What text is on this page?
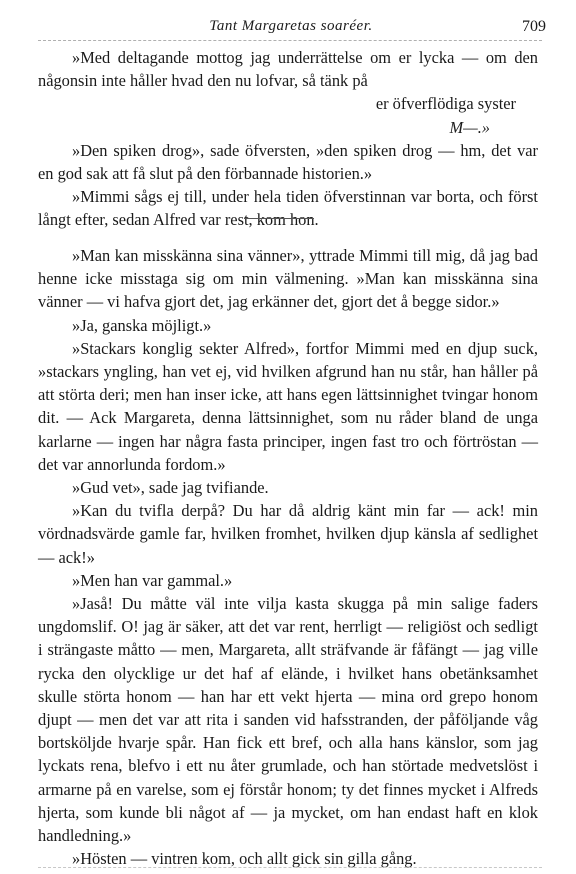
Tant Margaretas soaréer.	709

»Med deltagande mottog jag underrättelse om er lycka — om den någonsin inte håller hvad den nu lofvar, så tänk på
er öfverflödiga syster
M—.»

»Den spiken drog», sade öfversten, »den spiken drog — hm, det var en god sak att få slut på den förbannade historien.»

»Mimmi sågs ej till, under hela tiden öfverstinnan var borta, och först långt efter, sedan Alfred var rest, kom hon.

»Man kan misskänna sina vänner», yttrade Mimmi till mig, då jag bad henne icke misstaga sig om min välmening. »Man kan misskänna sina vänner — vi hafva gjort det, jag erkänner det, gjort det å begge sidor.»

»Ja, ganska möjligt.»

»Stackars konglig sekter Alfred», fortfor Mimmi med en djup suck, »stackars yngling, han vet ej, vid hvilken afgrund han nu står, han håller på att störta deri; men han inser icke, att hans egen lättsinnighet tvingar honom dit. — Ack Margareta, denna lättsinnighet, som nu råder bland de unga karlarne — ingen har några fasta principer, ingen fast tro och förtröstan — det var annorlunda fordom.»

»Gud vet», sade jag tvifiande.

»Kan du tvifla derpå? Du har då aldrig känt min far — ack! min vördnadsvärde gamle far, hvilken fromhet, hvilken djup känsla af sedlighet — ack!»

»Men han var gammal.»

»Jaså! Du måtte väl inte vilja kasta skugga på min salige faders ungdomslif. O! jag är säker, att det var rent, herrligt — religiöst och sedligt i strängaste måtto — men, Margareta, allt sträfvande är fåfängt — jag ville rycka den olycklige ur det haf af elände, i hvilket hans obetänksamhet skulle störta honom — han har ett vekt hjerta — mina ord grepo honom djupt — men det var att rita i sanden vid hafsstranden, der påföljande våg bortsköljde hvarje spår. Han fick ett bref, och alla hans känslor, som jag lyckats rena, blefvo i ett nu åter grumlade, och han störtade medvetslöst i armarne på en varelse, som ej förstår honom; ty det finnes mycket i Alfreds hjerta, som kunde bli något af — ja mycket, om han endast haft en klok handledning.»

»Hösten — vintren kom, och allt gick sin gilla gång.
